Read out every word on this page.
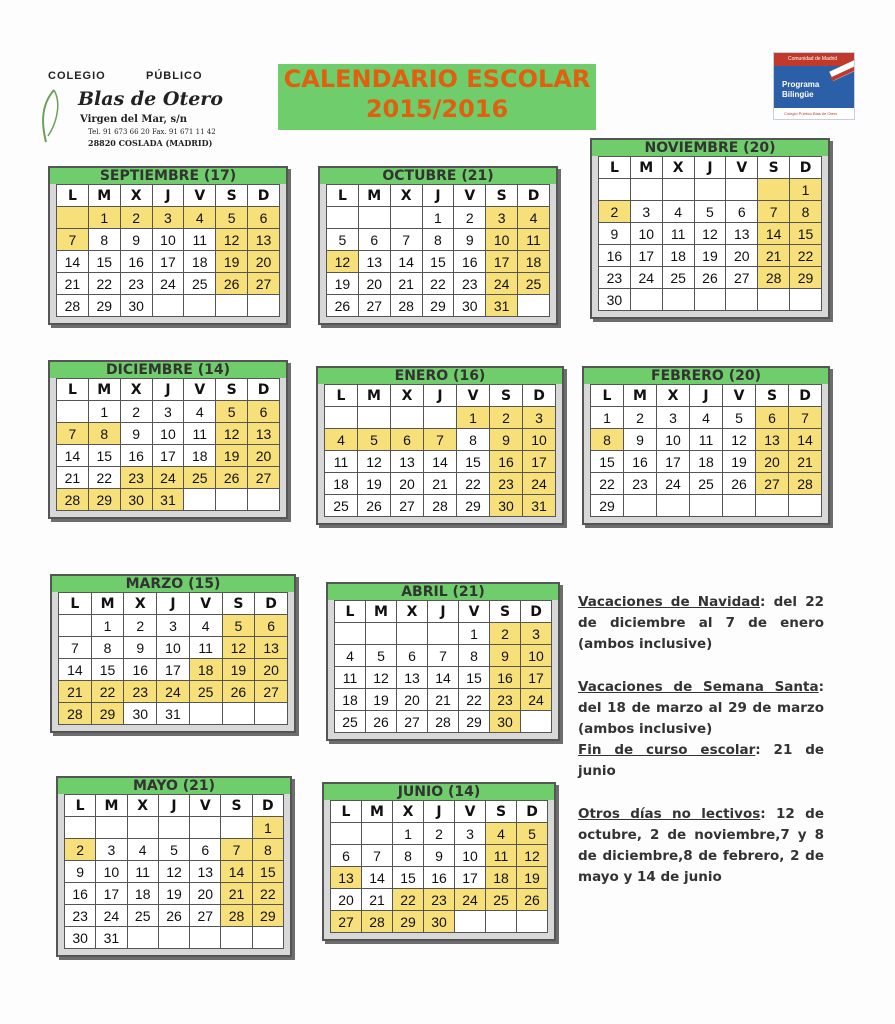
COLEGIO	PÚBLICO
Blas de Otero
Virgen del Mar, s/n
Tel. 91 673 66 20 Fax. 91 671 11 42
28820 COSLADA (MADRID)
CALENDARIO ESCOLAR
2015/2016
Comunidad de Madrid
Programa
Bilingüe
Colegio Público Blas de Otero
SEPTIEMBRE (17)
L	M	X	J	V	S	D
	1	2	3	4	5	6
7	8	9	10	11	12	13
14	15	16	17	18	19	20
21	22	23	24	25	26	27
28	29	30				
OCTUBRE (21)
L	M	X	J	V	S	D
			1	2	3	4
5	6	7	8	9	10	11
12	13	14	15	16	17	18
19	20	21	22	23	24	25
26	27	28	29	30	31	
NOVIEMBRE (20)
L	M	X	J	V	S	D
						1
2	3	4	5	6	7	8
9	10	11	12	13	14	15
16	17	18	19	20	21	22
23	24	25	26	27	28	29
30						
DICIEMBRE (14)
L	M	X	J	V	S	D
	1	2	3	4	5	6
7	8	9	10	11	12	13
14	15	16	17	18	19	20
21	22	23	24	25	26	27
28	29	30	31			
ENERO (16)
L	M	X	J	V	S	D
				1	2	3
4	5	6	7	8	9	10
11	12	13	14	15	16	17
18	19	20	21	22	23	24
25	26	27	28	29	30	31
FEBRERO (20)
L	M	X	J	V	S	D
1	2	3	4	5	6	7
8	9	10	11	12	13	14
15	16	17	18	19	20	21
22	23	24	25	26	27	28
29						
MARZO (15)
L	M	X	J	V	S	D
	1	2	3	4	5	6
7	8	9	10	11	12	13
14	15	16	17	18	19	20
21	22	23	24	25	26	27
28	29	30	31			
ABRIL (21)
L	M	X	J	V	S	D
				1	2	3
4	5	6	7	8	9	10
11	12	13	14	15	16	17
18	19	20	21	22	23	24
25	26	27	28	29	30	
MAYO (21)
L	M	X	J	V	S	D
						1
2	3	4	5	6	7	8
9	10	11	12	13	14	15
16	17	18	19	20	21	22
23	24	25	26	27	28	29
30	31					
JUNIO (14)
L	M	X	J	V	S	D
		1	2	3	4	5
6	7	8	9	10	11	12
13	14	15	16	17	18	19
20	21	22	23	24	25	26
27	28	29	30			

Vacaciones de Navidad: del 22 de diciembre al 7 de enero (ambos inclusive)

Vacaciones de Semana Santa: del 18 de marzo al 29 de marzo (ambos inclusive)

Fin de curso escolar: 21 de junio

Otros días no lectivos: 12 de octubre, 2 de noviembre,7 y 8 de diciembre,8 de febrero, 2 de mayo y 14 de junio
